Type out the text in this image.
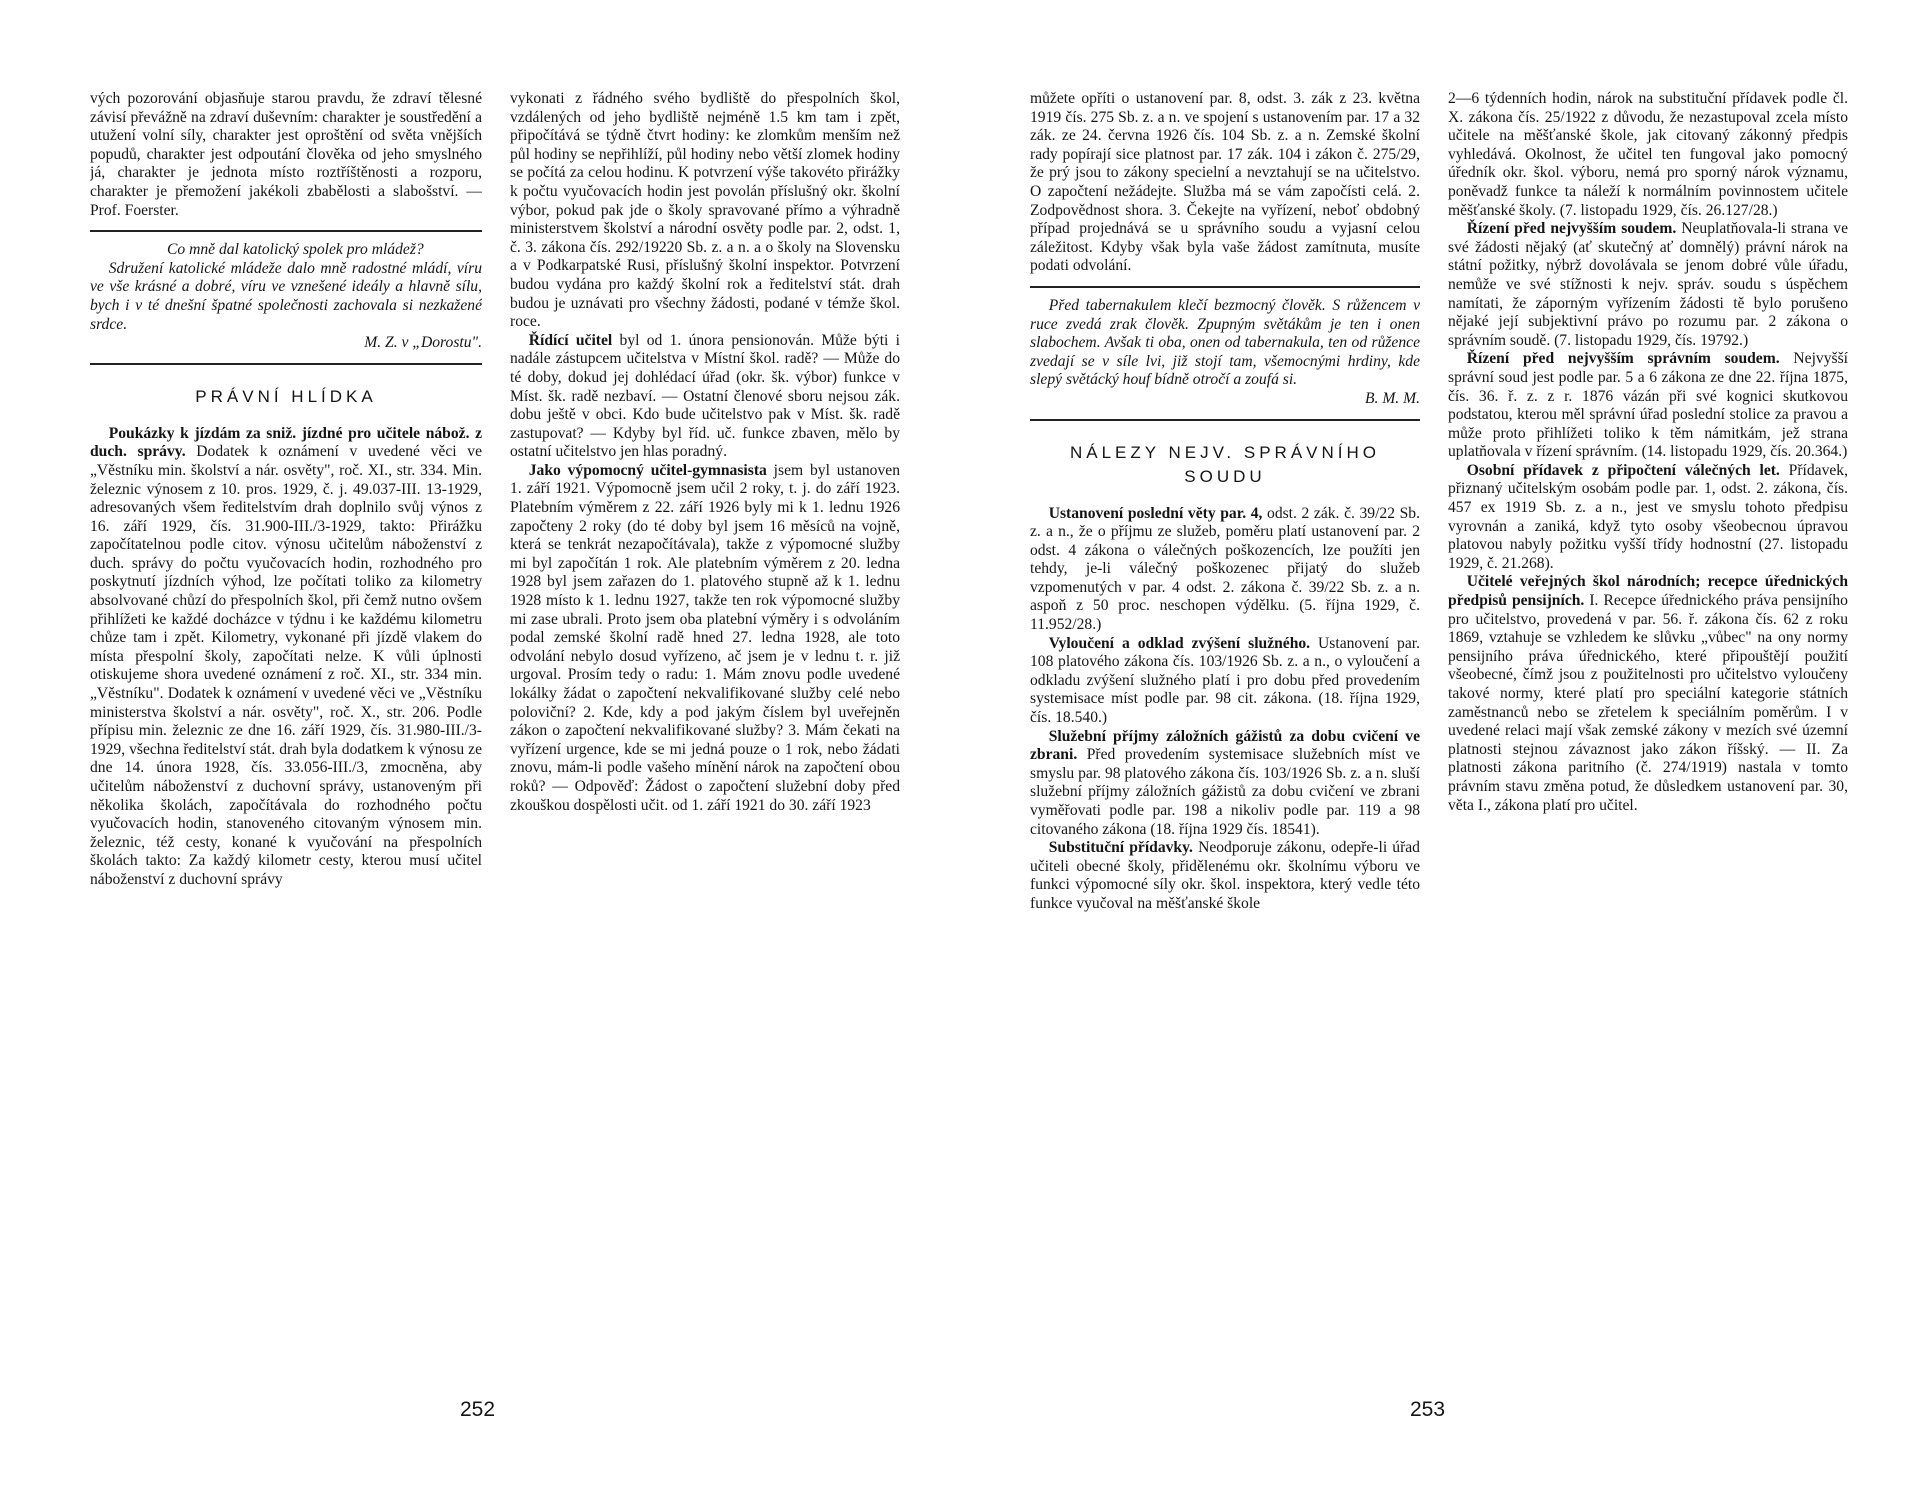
vých pozorování objasňuje starou pravdu, že zdraví tělesné závisí převážně na zdraví duševním: charakter je soustředění a utužení volní síly, charakter jest oproštění od světa vnějších popudů, charakter jest odpoutání člověka od jeho smyslného já, charakter je jednota místo roztříštěnosti a rozporu, charakter je přemožení jakékoli zbabělosti a slabošství. — Prof. Foerster.

Co mně dal katolický spolek pro mládež?

Sdružení katolické mládeže dalo mně radostné mládí, víru ve vše krásné a dobré, víru ve vznešené ideály a hlavně sílu, bych i v té dnešní špatné společnosti zachovala si nezkažené srdce.

M. Z. v „Dorostu".

PRÁVNÍ HLÍDKA

Poukázky k jízdám za sniž. jízdné pro učitele nábož. z duch. správy. Dodatek k oznámení v uvedené věci ve „Věstníku min. školství a nár. osvěty", roč. XI., str. 334. Min. železnic výnosem z 10. pros. 1929, č. j. 49.037-III. 13-1929, adresovaných všem ředitelstvím drah doplnilo svůj výnos z 16. září 1929, čís. 31.900-III./3-1929, takto: Přirážku započítatelnou podle citov. výnosu učitelům náboženství z duch. správy do počtu vyučovacích hodin, rozhodného pro poskytnutí jízdních výhod, lze počítati toliko za kilometry absolvované chůzí do přespolních škol, při čemž nutno ovšem přihlížeti ke každé docházce v týdnu i ke každému kilometru chůze tam i zpět. Kilometry, vykonané při jízdě vlakem do místa přespolní školy, započítati nelze. K vůli úplnosti otiskujeme shora uvedené oznámení z roč. XI., str. 334 min. „Věstníku". Dodatek k oznámení v uvedené věci ve „Věstníku ministerstva školství a nár. osvěty", roč. X., str. 206. Podle přípisu min. železnic ze dne 16. září 1929, čís. 31.980-III./3-1929, všechna ředitelství stát. drah byla dodatkem k výnosu ze dne 14. února 1928, čís. 33.056-III./3, zmocněna, aby učitelům náboženství z duchovní správy, ustanoveným při několika školách, započítávala do rozhodného počtu vyučovacích hodin, stanoveného citovaným výnosem min. železnic, též cesty, konané k vyučování na přespolních školách takto: Za každý kilometr cesty, kterou musí učitel náboženství z duchovní správy

vykonati z řádného svého bydliště do přespolních škol, vzdálených od jeho bydliště nejméně 1.5 km tam i zpět, připočítává se týdně čtvrt hodiny: ke zlomkům menším než půl hodiny se nepřihlíží, půl hodiny nebo větší zlomek hodiny se počítá za celou hodinu. K potvrzení výše takovéto přirážky k počtu vyučovacích hodin jest povolán příslušný okr. školní výbor, pokud pak jde o školy spravované přímo a výhradně ministerstvem školství a národní osvěty podle par. 2, odst. 1, č. 3. zákona čís. 292/19220 Sb. z. a n. a o školy na Slovensku a v Podkarpatské Rusi, příslušný školní inspektor. Potvrzení budou vydána pro každý školní rok a ředitelství stát. drah budou je uznávati pro všechny žádosti, podané v témže škol. roce.

Řídící učitel byl od 1. února pensionován. Může býti i nadále zástupcem učitelstva v Místní škol. radě? — Může do té doby, dokud jej dohlédací úřad (okr. šk. výbor) funkce v Míst. šk. radě nezbaví. — Ostatní členové sboru nejsou zák. dobu ještě v obci. Kdo bude učitelstvo pak v Míst. šk. radě zastupovat? — Kdyby byl říd. uč. funkce zbaven, mělo by ostatní učitelstvo jen hlas poradný.

Jako výpomocný učitel-gymnasista jsem byl ustanoven 1. září 1921. Výpomocně jsem učil 2 roky, t. j. do září 1923. Platebním výměrem z 22. září 1926 byly mi k 1. lednu 1926 započteny 2 roky (do té doby byl jsem 16 měsíců na vojně, která se tenkrát nezapočítávala), takže z výpomocné služby mi byl započítán 1 rok. Ale platebním výměrem z 20. ledna 1928 byl jsem zařazen do 1. platového stupně až k 1. lednu 1928 místo k 1. lednu 1927, takže ten rok výpomocné služby mi zase ubrali. Proto jsem oba platební výměry i s odvoláním podal zemské školní radě hned 27. ledna 1928, ale toto odvolání nebylo dosud vyřízeno, ač jsem je v lednu t. r. již urgoval. Prosím tedy o radu: 1. Mám znovu podle uvedené lokálky žádat o započtení nekvalifikované služby celé nebo poloviční? 2. Kde, kdy a pod jakým číslem byl uveřejněn zákon o započtení nekvalifikované služby? 3. Mám čekati na vyřízení urgence, kde se mi jedná pouze o 1 rok, nebo žádati znovu, mám-li podle vašeho mínění nárok na započtení obou roků? — Odpověď: Žádost o započtení služební doby před zkouškou dospělosti učit. od 1. září 1921 do 30. září 1923

252

můžete opříti o ustanovení par. 8, odst. 3. zák z 23. května 1919 čís. 275 Sb. z. a n. ve spojení s ustanovením par. 17 a 32 zák. ze 24. června 1926 čís. 104 Sb. z. a n. Zemské školní rady popírají sice platnost par. 17 zák. 104 i zákon č. 275/29, že prý jsou to zákony specielní a nevztahují se na učitelstvo. O započtení nežádejte. Služba má se vám započísti celá. 2. Zodpovědnost shora. 3. Čekejte na vyřízení, neboť obdobný případ projednává se u správního soudu a vyjasní celou záležitost. Kdyby však byla vaše žádost zamítnuta, musíte podati odvolání.

Před tabernakulem klečí bezmocný člověk. S růžencem v ruce zvedá zrak člověk. Zpupným světákům je ten i onen slabochem. Avšak ti oba, onen od tabernakula, ten od růžence zvedají se v síle lvi, již stojí tam, všemocnými hrdiny, kde slepý světácký houf bídně otročí a zoufá si.

B. M. M.

NÁLEZY NEJV. SPRÁVNÍHO SOUDU

Ustanovení poslední věty par. 4, odst. 2 zák. č. 39/22 Sb. z. a n., že o příjmu ze služeb, poměru platí ustanovení par. 2 odst. 4 zákona o válečných poškozencích, lze použíti jen tehdy, je-li válečný poškozenec přijatý do služeb vzpomenutých v par. 4 odst. 2. zákona č. 39/22 Sb. z. a n. aspoň z 50 proc. neschopen výdělku. (5. října 1929, č. 11.952/28.)

Vyloučení a odklad zvýšení služného. Ustanovení par. 108 platového zákona čís. 103/1926 Sb. z. a n., o vyloučení a odkladu zvýšení služného platí i pro dobu před provedením systemisace míst podle par. 98 cit. zákona. (18. října 1929, čís. 18.540.)

Služební příjmy záložních gážistů za dobu cvičení ve zbrani. Před provedením systemisace služebních míst ve smyslu par. 98 platového zákona čís. 103/1926 Sb. z. a n. sluší služební příjmy záložních gážistů za dobu cvičení ve zbrani vyměřovati podle par. 198 a nikoliv podle par. 119 a 98 citovaného zákona (18. října 1929 čís. 18541).

Substituční přídavky. Neodporuje zákonu, odepře-li úřad učiteli obecné školy, přidělenému okr. školnímu výboru ve funkci výpomocné síly okr. škol. inspektora, který vedle této funkce vyučoval na měšťanské škole

2—6 týdenních hodin, nárok na substituční přídavek podle čl. X. zákona čís. 25/1922 z důvodu, že nezastupoval zcela místo učitele na měšťanské škole, jak citovaný zákonný předpis vyhledává. Okolnost, že učitel ten fungoval jako pomocný úředník okr. škol. výboru, nemá pro sporný nárok významu, poněvadž funkce ta náleží k normálním povinnostem učitele měšťanské školy. (7. listopadu 1929, čís. 26.127/28.)

Řízení před nejvyšším soudem. Neuplatňovala-li strana ve své žádosti nějaký (ať skutečný ať domnělý) právní nárok na státní požitky, nýbrž dovolávala se jenom dobré vůle úřadu, nemůže ve své stížnosti k nejv. správ. soudu s úspěchem namítati, že záporným vyřízením žádosti tě bylo porušeno nějaké její subjektivní právo po rozumu par. 2 zákona o správním soudě. (7. listopadu 1929, čís. 19792.)

Řízení před nejvyšším správním soudem. Nejvyšší správní soud jest podle par. 5 a 6 zákona ze dne 22. října 1875, čís. 36. ř. z. z r. 1876 vázán při své kognici skutkovou podstatou, kterou měl správní úřad poslední stolice za pravou a může proto přihlížeti toliko k těm námitkám, jež strana uplatňovala v řízení správním. (14. listopadu 1929, čís. 20.364.)

Osobní přídavek z připočtení válečných let. Přídavek, přiznaný učitelským osobám podle par. 1, odst. 2. zákona, čís. 457 ex 1919 Sb. z. a n., jest ve smyslu tohoto předpisu vyrovnán a zaniká, když tyto osoby všeobecnou úpravou platovou nabyly požitku vyšší třídy hodnostní (27. listopadu 1929, č. 21.268).

Učitelé veřejných škol národních; recepce úřednických předpisů pensijních. I. Recepce úřednického práva pensijního pro učitelstvo, provedená v par. 56. ř. zákona čís. 62 z roku 1869, vztahuje se vzhledem ke slůvku „vůbec" na ony normy pensijního práva úřednického, které připouštějí použití všeobecné, čímž jsou z použitelnosti pro učitelstvo vyloučeny takové normy, které platí pro speciální kategorie státních zaměstnanců nebo se zřetelem k speciálním poměrům. I v uvedené relaci mají však zemské zákony v mezích své územní platnosti stejnou závaznost jako zákon říšský. — II. Za platnosti zákona paritního (č. 274/1919) nastala v tomto právním stavu změna potud, že důsledkem ustanovení par. 30, věta I., zákona platí pro učitel.

253
